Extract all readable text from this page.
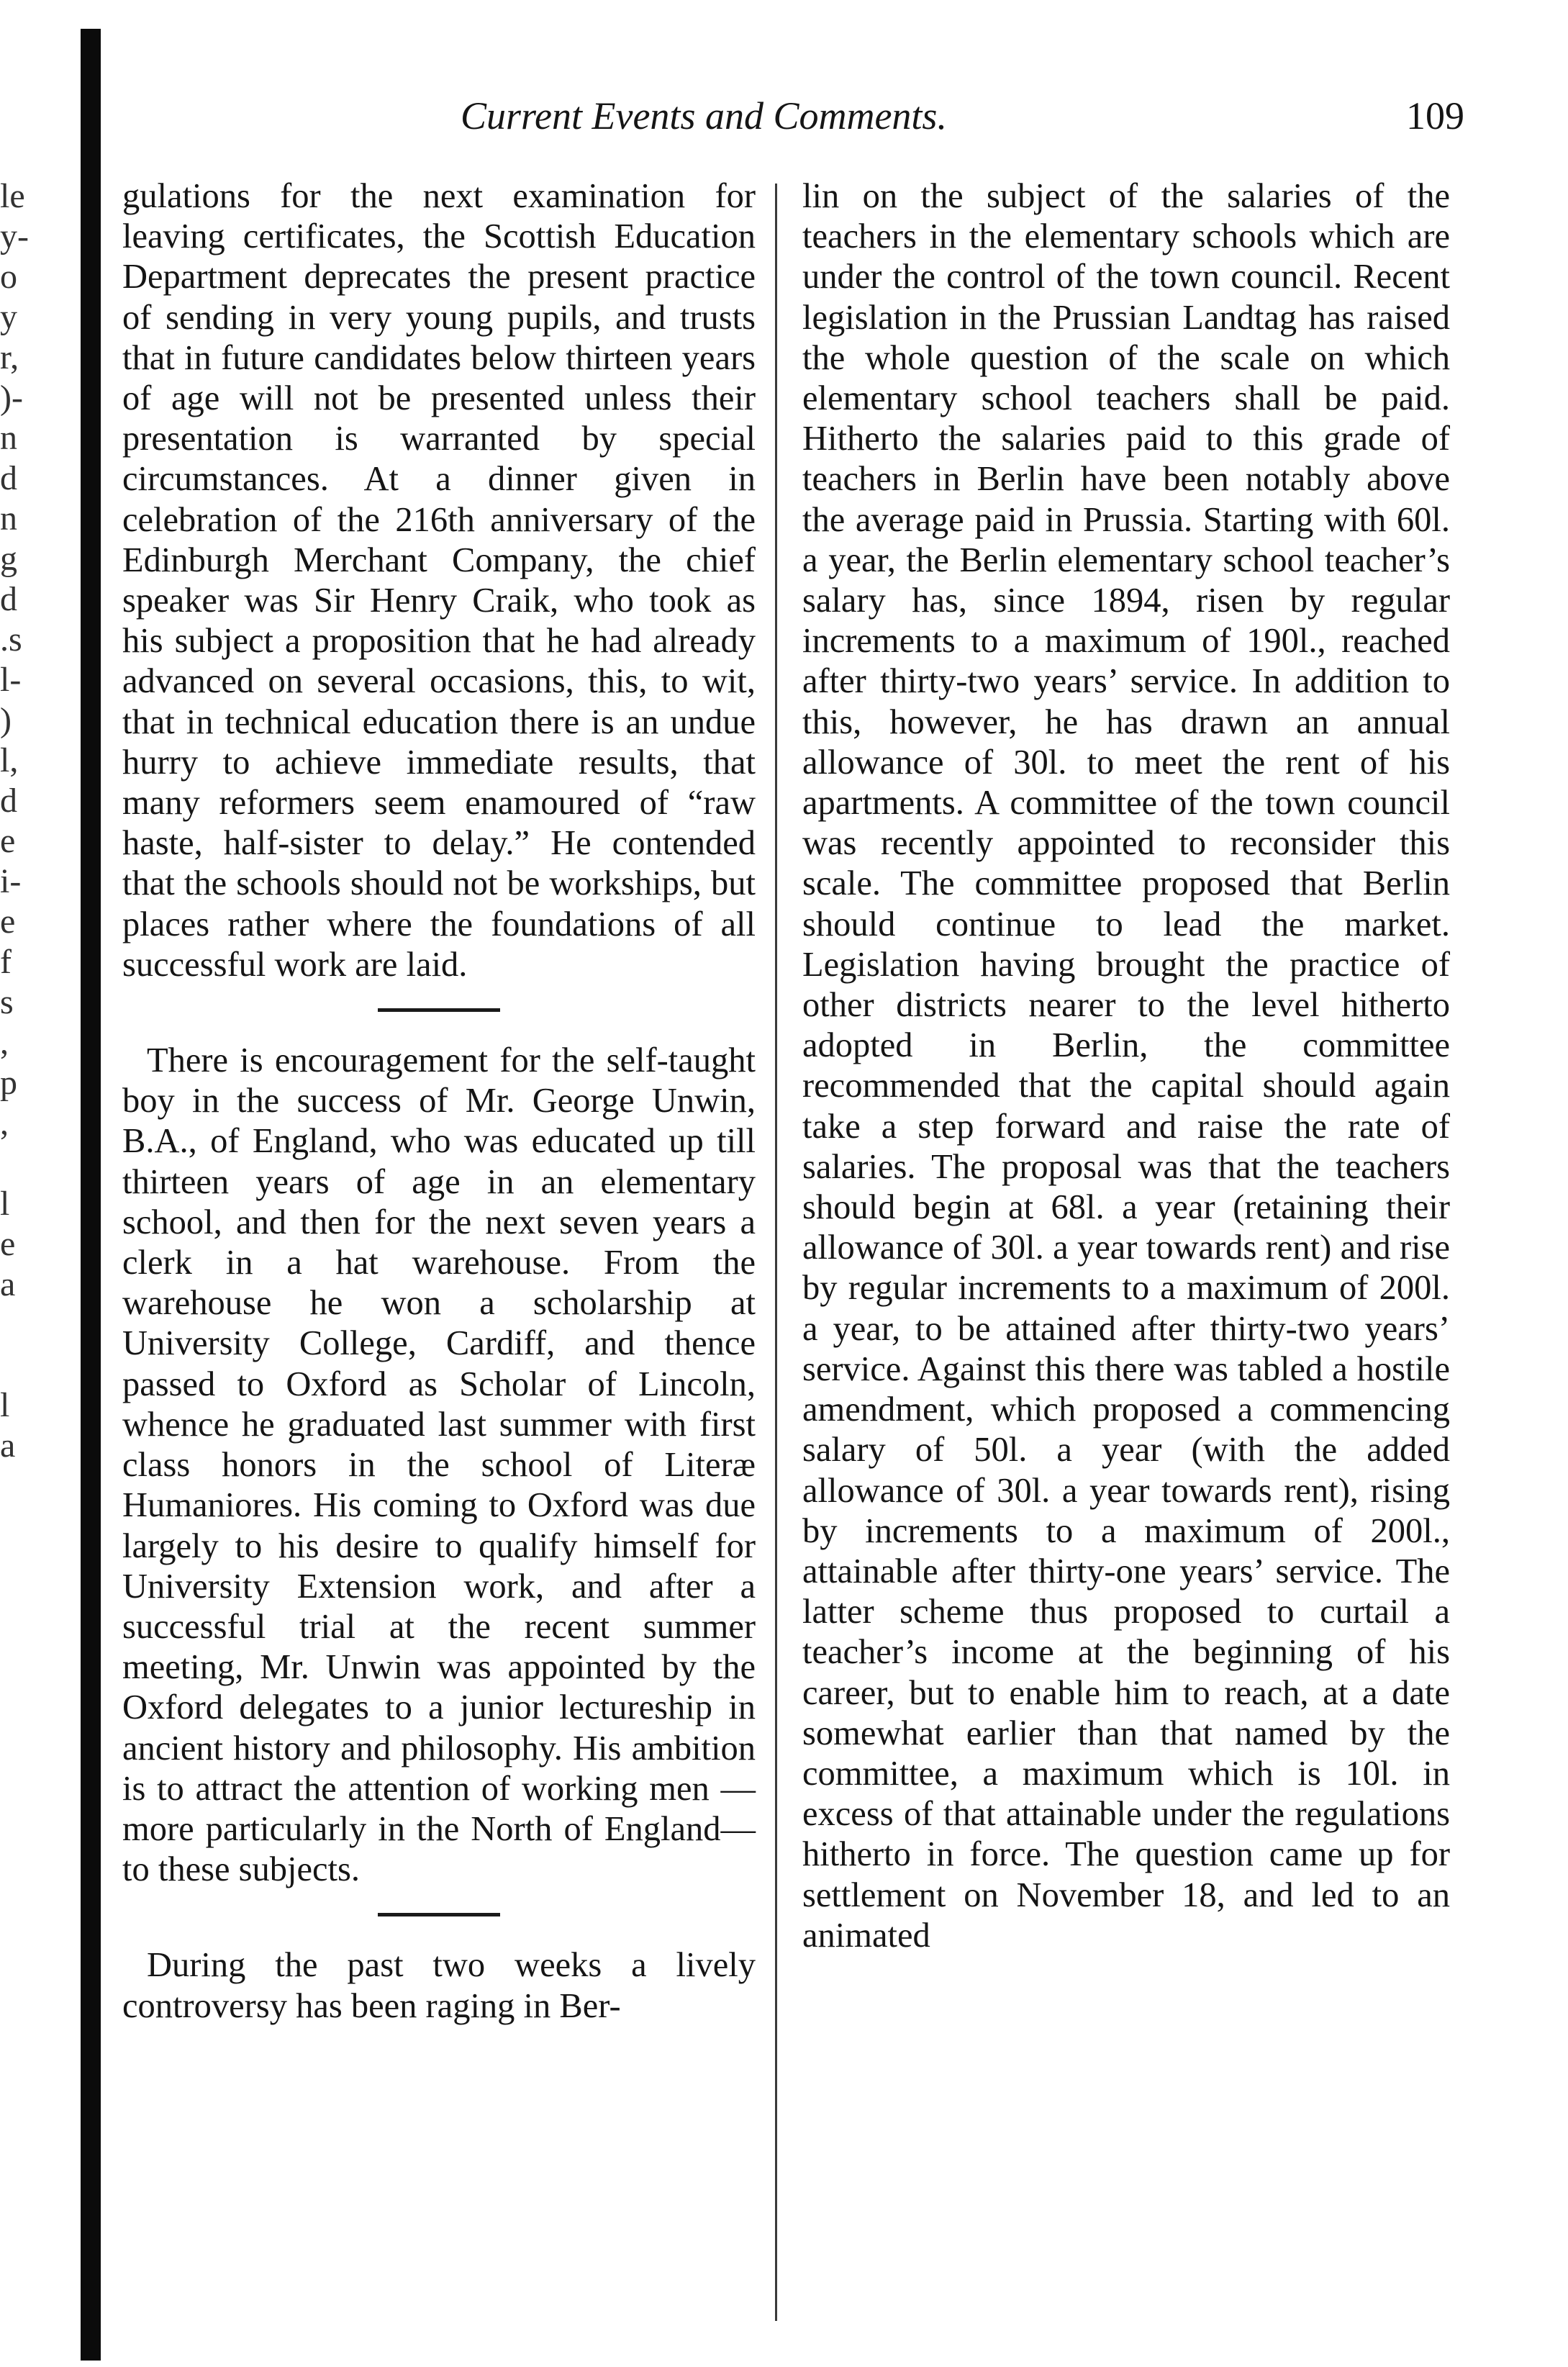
le
y-
o
y
r,
)-
n
d
n
g
d
.s
l-
)
l,
d
e
i-
e
f
s
,
p
,

l
e
a

l
a
Current Events and Comments.	109

gulations for the next examination for leaving certificates, the Scottish Education Department deprecates the present practice of sending in very young pupils, and trusts that in future candidates below thirteen years of age will not be presented unless their presentation is warranted by special circumstances. At a dinner given in celebration of the 216th anniversary of the Edinburgh Merchant Company, the chief speaker was Sir Henry Craik, who took as his subject a proposition that he had already advanced on several occasions, this, to wit, that in technical education there is an undue hurry to achieve immediate results, that many reformers seem enamoured of “raw haste, half-sister to delay.” He contended that the schools should not be workships, but places rather where the foundations of all successful work are laid.

There is encouragement for the self-taught boy in the success of Mr. George Unwin, B.A., of England, who was educated up till thirteen years of age in an elementary school, and then for the next seven years a clerk in a hat warehouse. From the warehouse he won a scholarship at University College, Cardiff, and thence passed to Oxford as Scholar of Lincoln, whence he graduated last summer with first class honors in the school of Literæ Humaniores. His coming to Oxford was due largely to his desire to qualify himself for University Extension work, and after a successful trial at the recent summer meeting, Mr. Unwin was appointed by the Oxford delegates to a junior lectureship in ancient history and philosophy. His ambition is to attract the attention of working men —more particularly in the North of England—to these subjects.

During the past two weeks a lively controversy has been raging in Ber-

lin on the subject of the salaries of the teachers in the elementary schools which are under the control of the town council. Recent legislation in the Prussian Landtag has raised the whole question of the scale on which elementary school teachers shall be paid. Hitherto the salaries paid to this grade of teachers in Berlin have been notably above the average paid in Prussia. Starting with 60l. a year, the Berlin elementary school teacher’s salary has, since 1894, risen by regular increments to a maximum of 190l., reached after thirty-two years’ service. In addition to this, however, he has drawn an annual allowance of 30l. to meet the rent of his apartments. A committee of the town council was recently appointed to reconsider this scale. The committee proposed that Berlin should continue to lead the market. Legislation having brought the practice of other districts nearer to the level hitherto adopted in Berlin, the committee recommended that the capital should again take a step forward and raise the rate of salaries. The proposal was that the teachers should begin at 68l. a year (retaining their allowance of 30l. a year towards rent) and rise by regular increments to a maximum of 200l. a year, to be attained after thirty-two years’ service. Against this there was tabled a hostile amendment, which proposed a commencing salary of 50l. a year (with the added allowance of 30l. a year towards rent), rising by increments to a maximum of 200l., attainable after thirty-one years’ service. The latter scheme thus proposed to curtail a teacher’s income at the beginning of his career, but to enable him to reach, at a date somewhat earlier than that named by the committee, a maximum which is 10l. in excess of that attainable under the regulations hitherto in force. The question came up for settlement on November 18, and led to an animated
